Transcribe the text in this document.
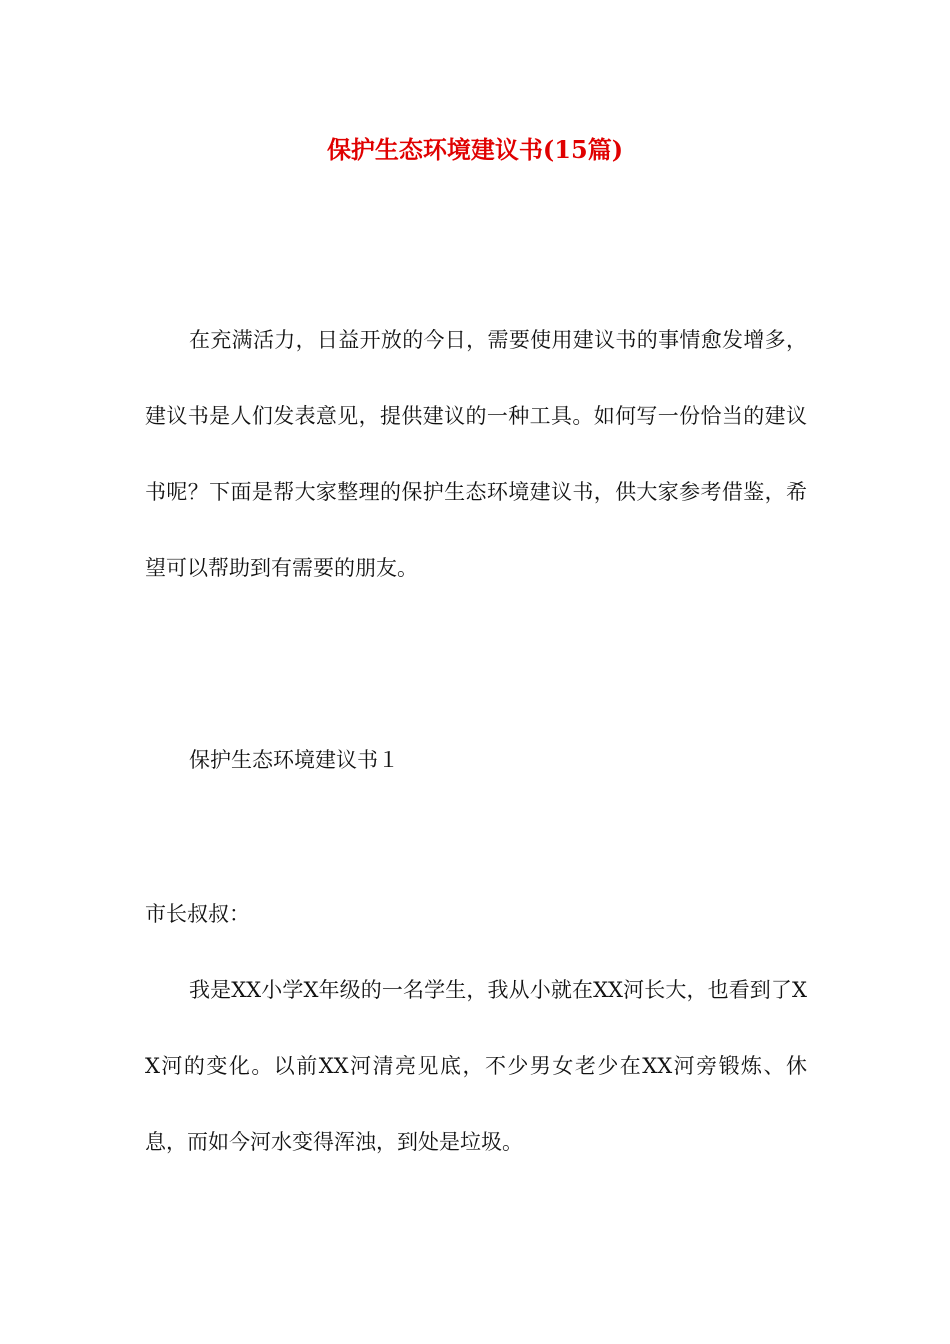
保护生态环境建议书(15篇)

在充满活力，日益开放的今日，需要使用建议书的事情愈发增多，建议书是人们发表意见，提供建议的一种工具。如何写一份恰当的建议书呢？下面是帮大家整理的保护生态环境建议书，供大家参考借鉴，希望可以帮助到有需要的朋友。

保护生态环境建议书１

市长叔叔：

我是XX小学X年级的一名学生，我从小就在XX河长大，也看到了XX河的变化。以前XX河清亮见底，不少男女老少在XX河旁锻炼、休息，而如今河水变得浑浊，到处是垃圾。
